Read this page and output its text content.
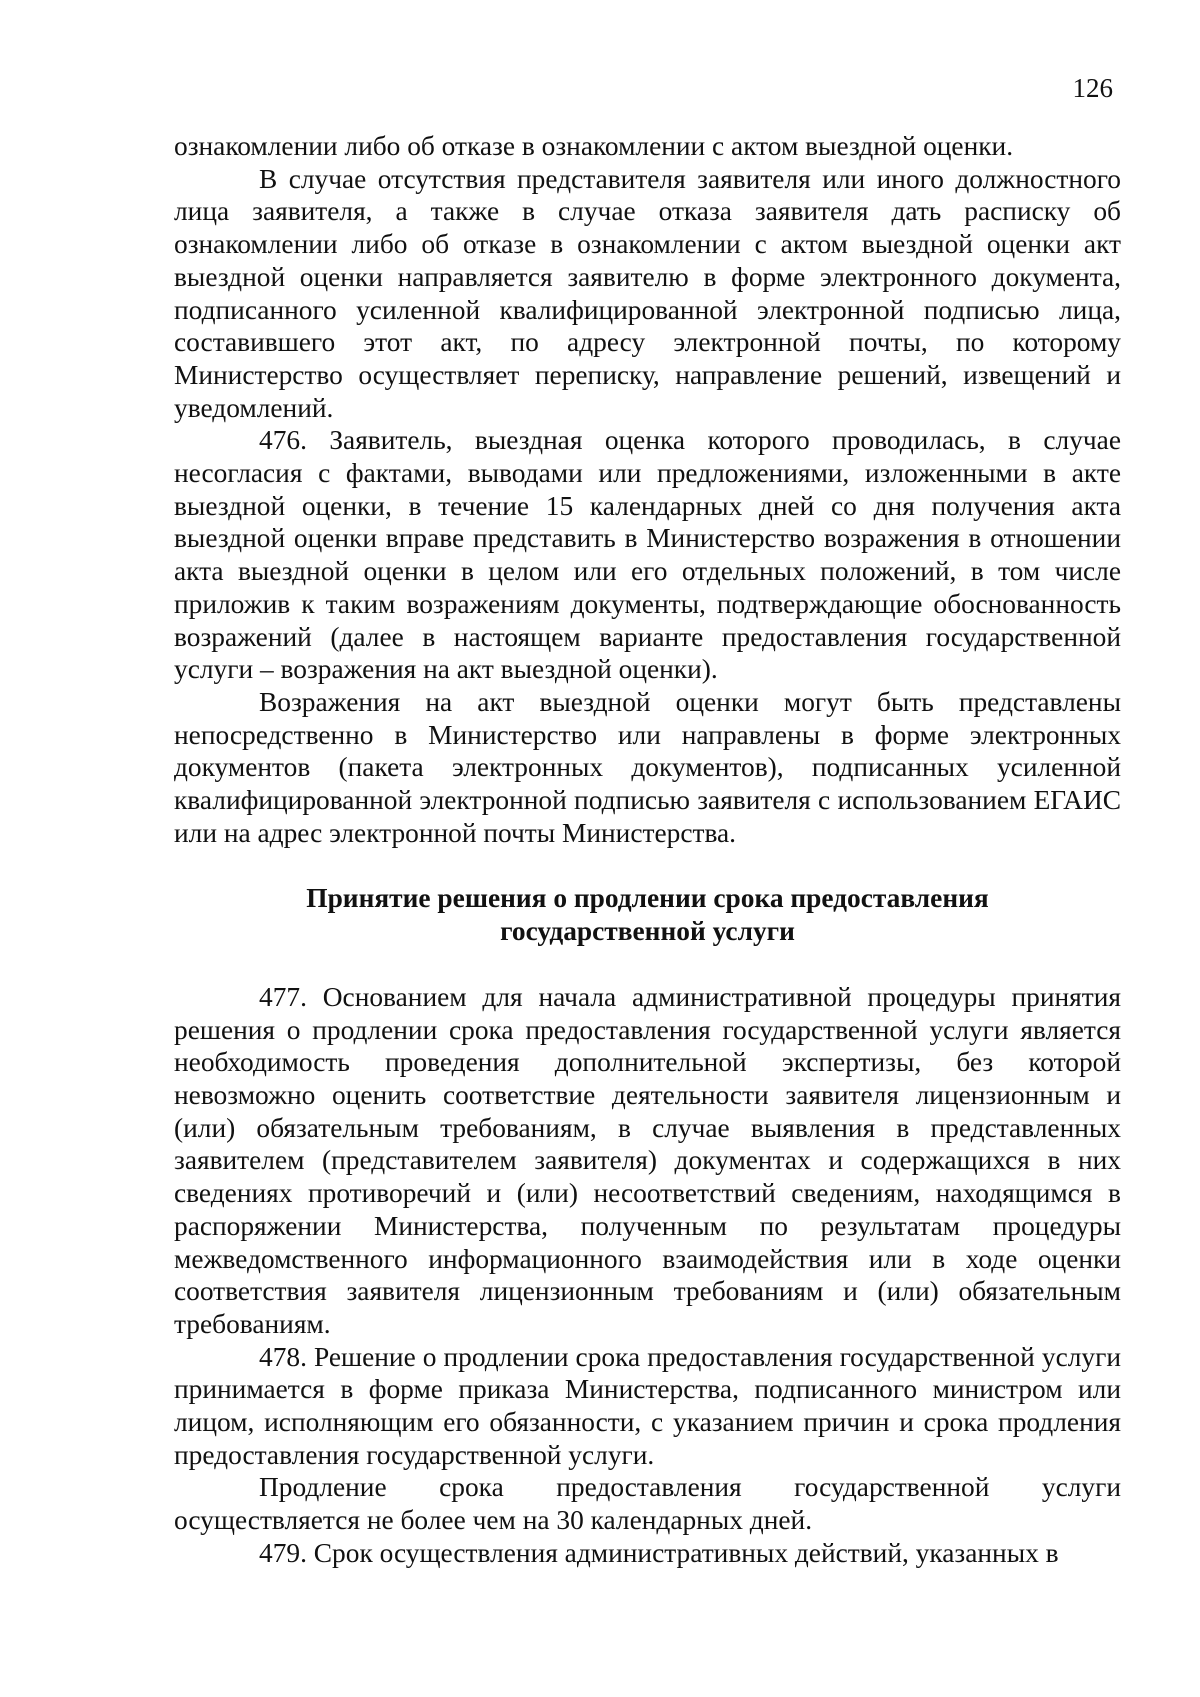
126

ознакомлении либо об отказе в ознакомлении с актом выездной оценки.

В случае отсутствия представителя заявителя или иного должностного лица заявителя, а также в случае отказа заявителя дать расписку об ознакомлении либо об отказе в ознакомлении с актом выездной оценки акт выездной оценки направляется заявителю в форме электронного документа, подписанного усиленной квалифицированной электронной подписью лица, составившего этот акт, по адресу электронной почты, по которому Министерство осуществляет переписку, направление решений, извещений и уведомлений.

476. Заявитель, выездная оценка которого проводилась, в случае несогласия с фактами, выводами или предложениями, изложенными в акте выездной оценки, в течение 15 календарных дней со дня получения акта выездной оценки вправе представить в Министерство возражения в отношении акта выездной оценки в целом или его отдельных положений, в том числе приложив к таким возражениям документы, подтверждающие обоснованность возражений (далее в настоящем варианте предоставления государственной услуги – возражения на акт выездной оценки).

Возражения на акт выездной оценки могут быть представлены непосредственно в Министерство или направлены в форме электронных документов (пакета электронных документов), подписанных усиленной квалифицированной электронной подписью заявителя с использованием ЕГАИС или на адрес электронной почты Министерства.

Принятие решения о продлении срока предоставления
государственной услуги

477. Основанием для начала административной процедуры принятия решения о продлении срока предоставления государственной услуги является необходимость проведения дополнительной экспертизы, без которой невозможно оценить соответствие деятельности заявителя лицензионным и (или) обязательным требованиям, в случае выявления в представленных заявителем (представителем заявителя) документах и содержащихся в них сведениях противоречий и (или) несоответствий сведениям, находящимся в распоряжении Министерства, полученным по результатам процедуры межведомственного информационного взаимодействия или в ходе оценки соответствия заявителя лицензионным требованиям и (или) обязательным требованиям.

478. Решение о продлении срока предоставления государственной услуги принимается в форме приказа Министерства, подписанного министром или лицом, исполняющим его обязанности, с указанием причин и срока продления предоставления государственной услуги.

Продление срока предоставления государственной услуги осуществляется не более чем на 30 календарных дней.

479. Срок осуществления административных действий, указанных в
